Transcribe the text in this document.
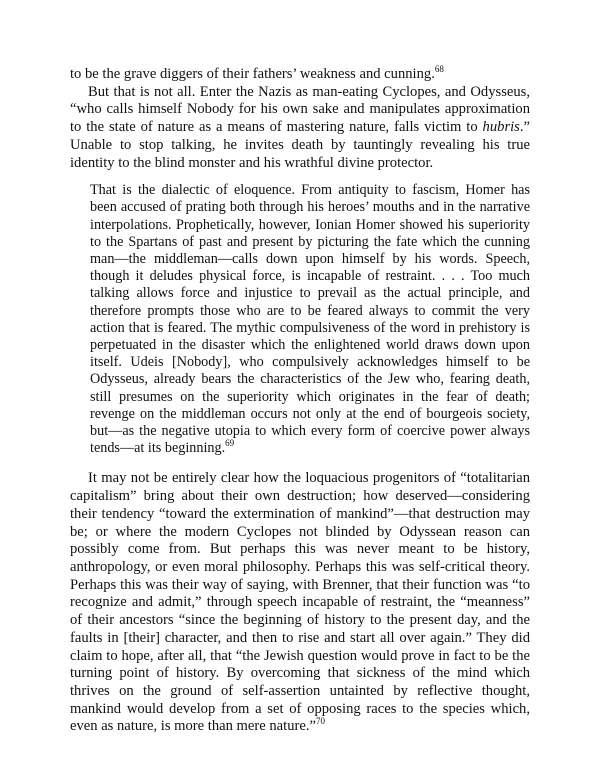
to be the grave diggers of their fathers’ weakness and cunning.$^{68}$

But that is not all. Enter the Nazis as man-eating Cyclopes, and Odysseus, “who calls himself Nobody for his own sake and manipulates approximation to the state of nature as a means of mastering nature, falls victim to hubris.” Unable to stop talking, he invites death by tauntingly revealing his true identity to the blind monster and his wrathful divine protector.

That is the dialectic of eloquence. From antiquity to fascism, Homer has been accused of prating both through his heroes’ mouths and in the narrative interpolations. Prophetically, however, Ionian Homer showed his superiority to the Spartans of past and present by picturing the fate which the cunning man—the middleman—calls down upon himself by his words. Speech, though it deludes physical force, is incapable of restraint. . . . Too much talking allows force and injustice to prevail as the actual principle, and therefore prompts those who are to be feared always to commit the very action that is feared. The mythic compulsiveness of the word in prehistory is perpetuated in the disaster which the enlightened world draws down upon itself. Udeis [Nobody], who compulsively acknowledges himself to be Odysseus, already bears the characteristics of the Jew who, fearing death, still presumes on the superiority which originates in the fear of death; revenge on the middleman occurs not only at the end of bourgeois society, but—as the negative utopia to which every form of coercive power always tends—at its beginning.$^{69}$

It may not be entirely clear how the loquacious progenitors of “totalitarian capitalism” bring about their own destruction; how deserved—considering their tendency “toward the extermination of mankind”—that destruction may be; or where the modern Cyclopes not blinded by Odyssean reason can possibly come from. But perhaps this was never meant to be history, anthropology, or even moral philosophy. Perhaps this was self-critical theory. Perhaps this was their way of saying, with Brenner, that their function was “to recognize and admit,” through speech incapable of restraint, the “meanness” of their ancestors “since the beginning of history to the present day, and the faults in [their] character, and then to rise and start all over again.” They did claim to hope, after all, that “the Jewish question would prove in fact to be the turning point of history. By overcoming that sickness of the mind which thrives on the ground of self-assertion untainted by reflective thought, mankind would develop from a set of opposing races to the species which, even as nature, is more than mere nature.”$^{70}$
